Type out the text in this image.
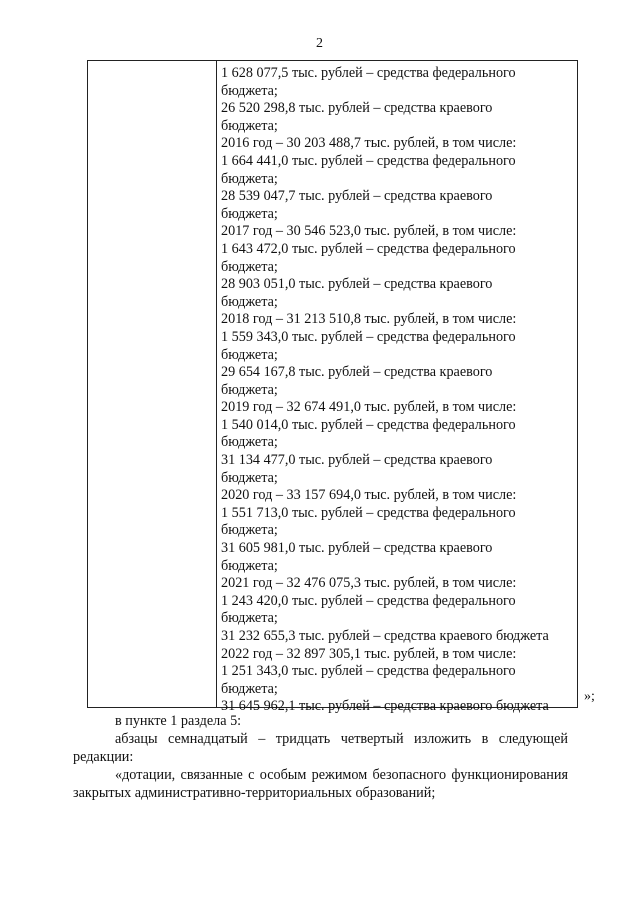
2
1 628 077,5 тыс. рублей – средства федерального
бюджета;
26 520 298,8 тыс. рублей – средства краевого
бюджета;
2016 год – 30 203 488,7 тыс. рублей, в том числе:
1 664 441,0 тыс. рублей – средства федерального
бюджета;
28 539 047,7 тыс. рублей – средства краевого
бюджета;
2017 год – 30 546 523,0 тыс. рублей, в том числе:
1 643 472,0 тыс. рублей – средства федерального
бюджета;
28 903 051,0 тыс. рублей – средства краевого
бюджета;
2018 год – 31 213 510,8 тыс. рублей, в том числе:
1 559 343,0 тыс. рублей – средства федерального
бюджета;
29 654 167,8 тыс. рублей – средства краевого
бюджета;
2019 год – 32 674 491,0 тыс. рублей, в том числе:
1 540 014,0 тыс. рублей – средства федерального
бюджета;
31 134 477,0 тыс. рублей – средства краевого
бюджета;
2020 год – 33 157 694,0 тыс. рублей, в том числе:
1 551 713,0 тыс. рублей – средства федерального
бюджета;
31 605 981,0 тыс. рублей – средства краевого
бюджета;
2021 год – 32 476 075,3 тыс. рублей, в том числе:
1 243 420,0 тыс. рублей – средства федерального
бюджета;
31 232 655,3 тыс. рублей – средства краевого бюджета
2022 год – 32 897 305,1 тыс. рублей, в том числе:
1 251 343,0 тыс. рублей – средства федерального
бюджета;
31 645 962,1 тыс. рублей – средства краевого бюджета
»;

в пункте 1 раздела 5:

абзацы семнадцатый – тридцать четвертый изложить в следующей

редакции:

«дотации, связанные с особым режимом безопасного функционирования

закрытых административно-территориальных образований;
